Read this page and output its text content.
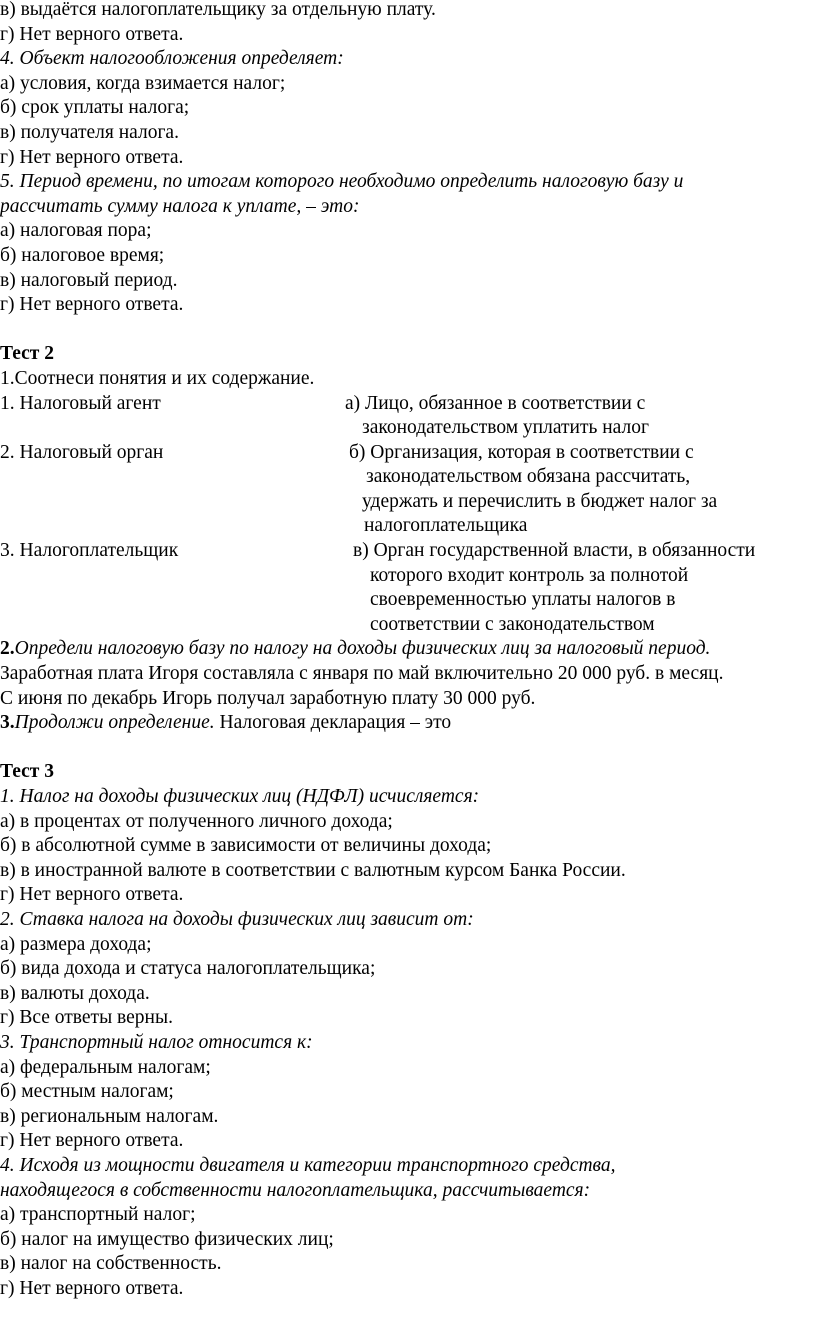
в) выдаётся налогоплательщику за отдельную плату.
г) Нет верного ответа.
4. Объект налогообложения определяет:
а) условия, когда взимается налог;
б) срок уплаты налога;
в) получателя налога.
г) Нет верного ответа.
5. Период времени, по итогам которого необходимо определить налоговую базу и
рассчитать сумму налога к уплате, – это:
а) налоговая пора;
б) налоговое время;
в) налоговый период.
г) Нет верного ответа.
Тест 2
1.Соотнеси понятия и их содержание.
1. Налоговый агент	а) Лицо, обязанное в соответствии с
законодательством уплатить налог
2. Налоговый орган	б) Организация, которая в соответствии с
законодательством обязана рассчитать,
удержать и перечислить в бюджет налог за
налогоплательщика
3. Налогоплательщик	в) Орган государственной власти, в обязанности
которого входит контроль за полнотой
своевременностью уплаты налогов в
соответствии с законодательством
2.Определи налоговую базу по налогу на доходы физических лиц за налоговый период.
Заработная плата Игоря составляла с января по май включительно 20 000 руб. в месяц.
С июня по декабрь Игорь получал заработную плату 30 000 руб.
3.Продолжи определение. Налоговая декларация – это
Тест 3
1. Налог на доходы физических лиц (НДФЛ) исчисляется:
а) в процентах от полученного личного дохода;
б) в абсолютной сумме в зависимости от величины дохода;
в) в иностранной валюте в соответствии с валютным курсом Банка России.
г) Нет верного ответа.
2. Ставка налога на доходы физических лиц зависит от:
а) размера дохода;
б) вида дохода и статуса налогоплательщика;
в) валюты дохода.
г) Все ответы верны.
3. Транспортный налог относится к:
а) федеральным налогам;
б) местным налогам;
в) региональным налогам.
г) Нет верного ответа.
4. Исходя из мощности двигателя и категории транспортного средства,
находящегося в собственности налогоплательщика, рассчитывается:
а) транспортный налог;
б) налог на имущество физических лиц;
в) налог на собственность.
г) Нет верного ответа.
